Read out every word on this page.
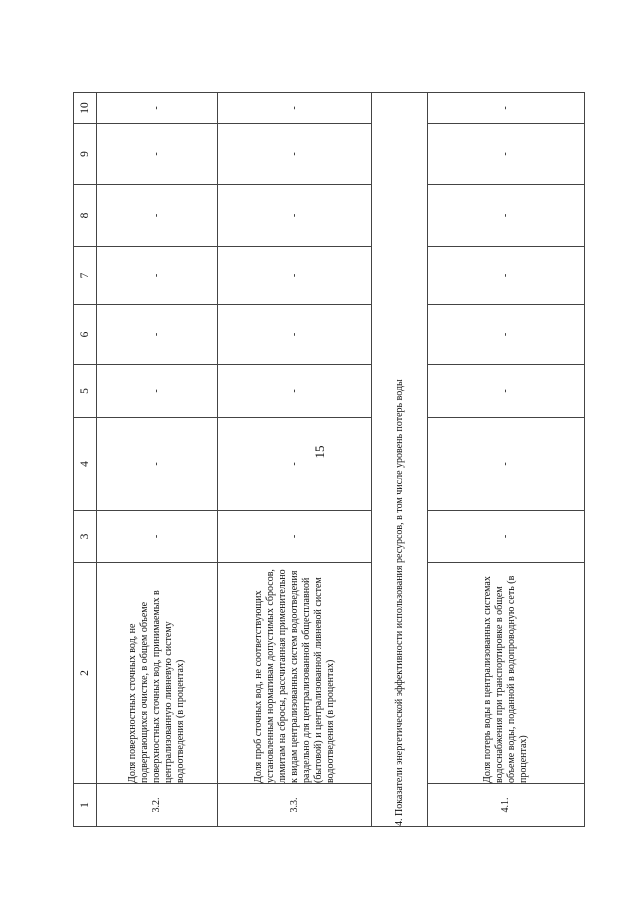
15
1	2	3	4	5	6	7	8	9	10
3.2.	Доля поверхностных сточных вод, не подвергающихся очистке, в общем объеме поверхностных сточных вод, принимаемых в централизованную ливневую систему водоотведения (в процентах)	-	-	-	-	-	-	-	-
3.3.	Доля проб сточных вод, не соответствующих установленным нормативам допустимых сбросов, лимитам на сбросы, рассчитанная применительно к видам централизованных систем водоотведения раздельно для централизованной общесплавной (бытовой) и централизованной ливневой систем водоотведения (в процентах)	-	-	-	-	-	-	-	-
4. Показатели энергетической эффективности использования ресурсов, в том числе уровень потерь воды									
4.1.	Доля потерь воды в централизованных системах водоснабжения при транспортировке в общем объеме воды, поданной в водопроводную сеть (в процентах)	-	-	-	-	-	-	-	-
